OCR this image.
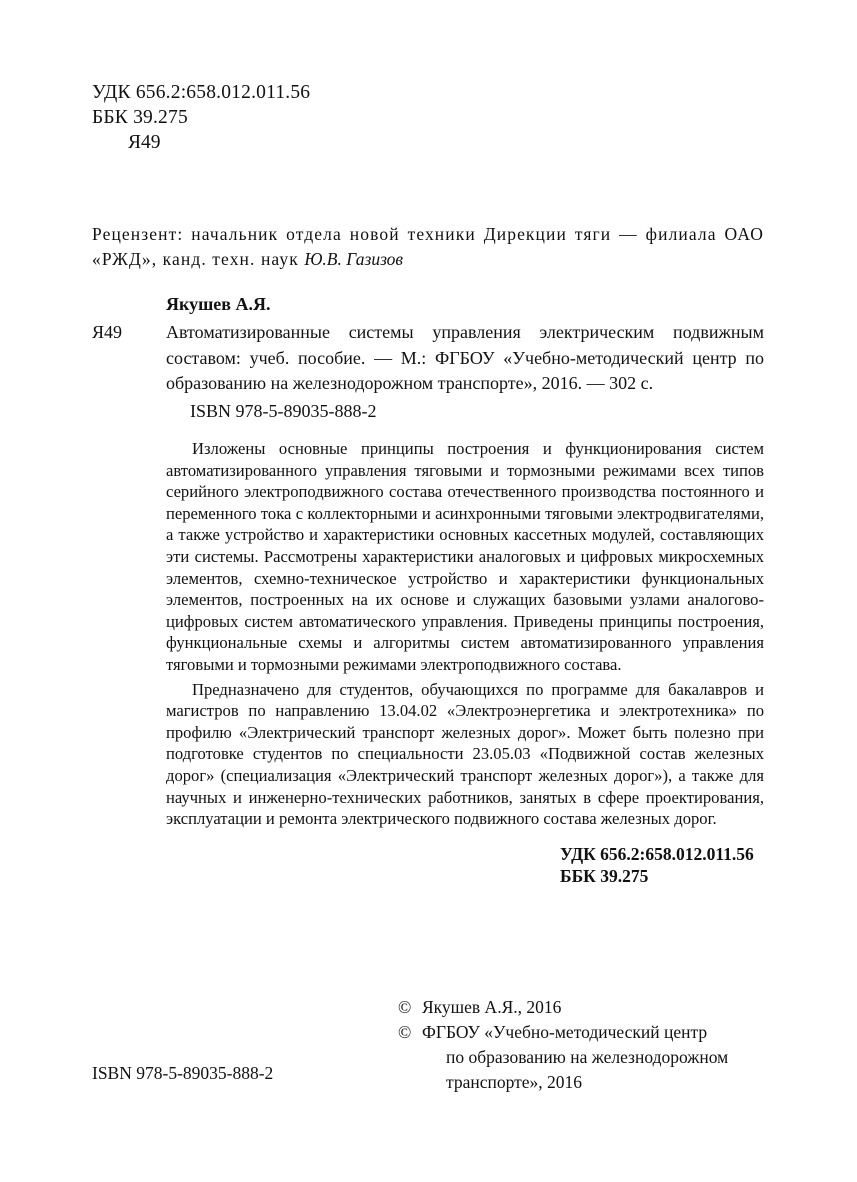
УДК 656.2:658.012.011.56
ББК 39.275
Я49
Рецензент: начальник отдела новой техники Дирекции тяги — филиала ОАО «РЖД», канд. техн. наук Ю.В. Газизов
Якушев А.Я.
Я49 Автоматизированные системы управления электрическим подвижным составом: учеб. пособие. — М.: ФГБОУ «Учебно-методический центр по образованию на железнодорожном транспорте», 2016. — 302 с.
ISBN 978-5-89035-888-2

Изложены основные принципы построения и функционирования систем автоматизированного управления тяговыми и тормозными режимами всех типов серийного электроподвижного состава отечественного производства постоянного и переменного тока с коллекторными и асинхронными тяговыми электродвигателями, а также устройство и характеристики основных кассетных модулей, составляющих эти системы. Рассмотрены характеристики аналоговых и цифровых микросхемных элементов, схемно-техническое устройство и характеристики функциональных элементов, построенных на их основе и служащих базовыми узлами аналогово-цифровых систем автоматического управления. Приведены принципы построения, функциональные схемы и алгоритмы систем автоматизированного управления тяговыми и тормозными режимами электроподвижного состава.

Предназначено для студентов, обучающихся по программе для бакалавров и магистров по направлению 13.04.02 «Электроэнергетика и электротехника» по профилю «Электрический транспорт железных дорог». Может быть полезно при подготовке студентов по специальности 23.05.03 «Подвижной состав железных дорог» (специализация «Электрический транспорт железных дорог»), а также для научных и инженерно-технических работников, занятых в сфере проектирования, эксплуатации и ремонта электрического подвижного состава железных дорог.

УДК 656.2:658.012.011.56
ББК 39.275
© Якушев А.Я., 2016
© ФГБОУ «Учебно-методический центр
по образованию на железнодорожном
транспорте», 2016
ISBN 978-5-89035-888-2
